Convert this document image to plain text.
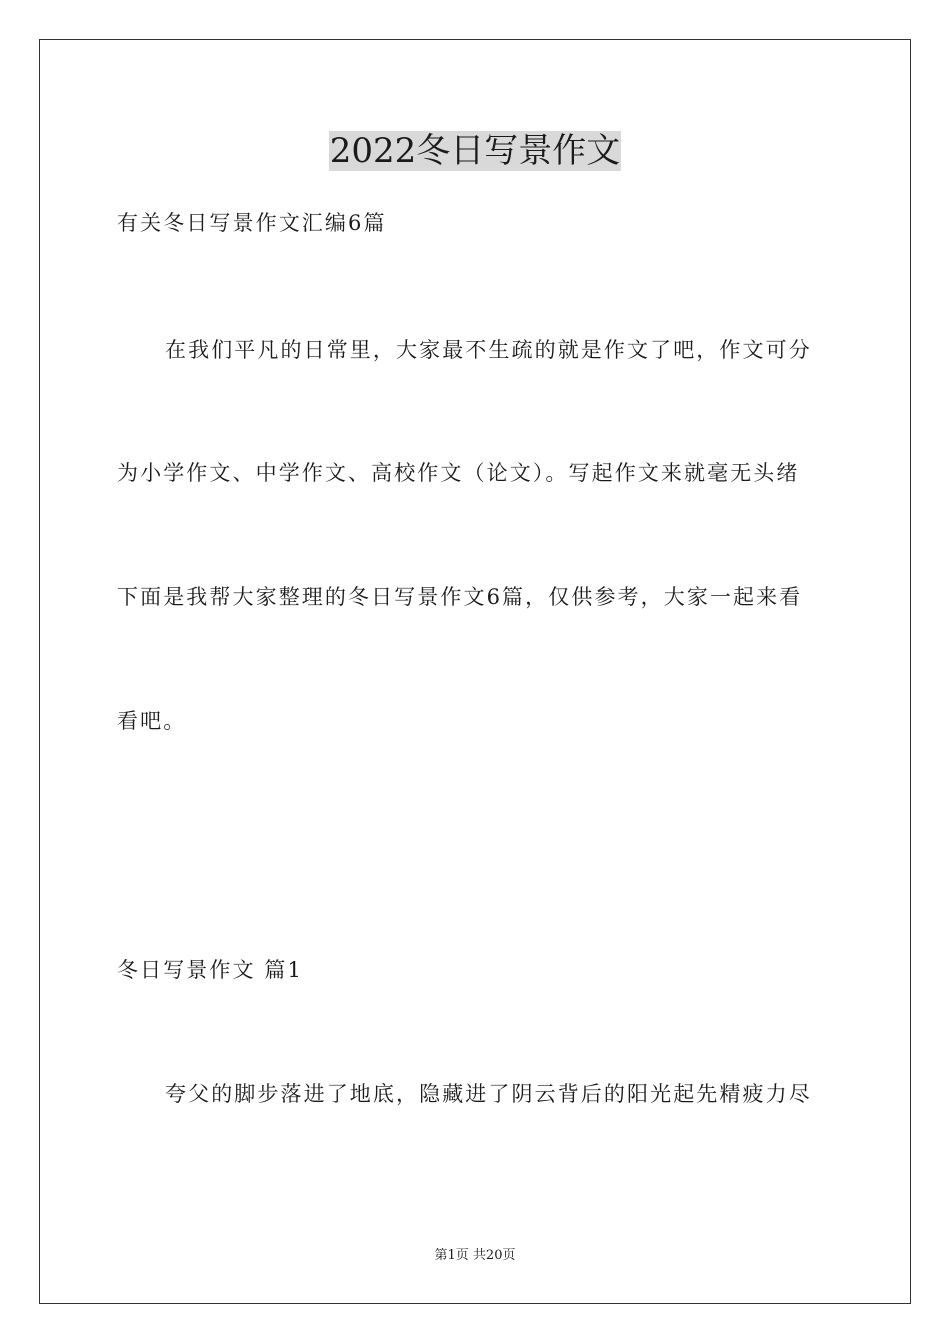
2022冬日写景作文
有关冬日写景作文汇编6篇
在我们平凡的日常里，大家最不生疏的就是作文了吧，作文可分
为小学作文、中学作文、高校作文（论文）。写起作文来就毫无头绪
下面是我帮大家整理的冬日写景作文6篇，仅供参考，大家一起来看
看吧。
冬日写景作文 篇1
夸父的脚步落进了地底，隐藏进了阴云背后的阳光起先精疲力尽
第1页 共20页
